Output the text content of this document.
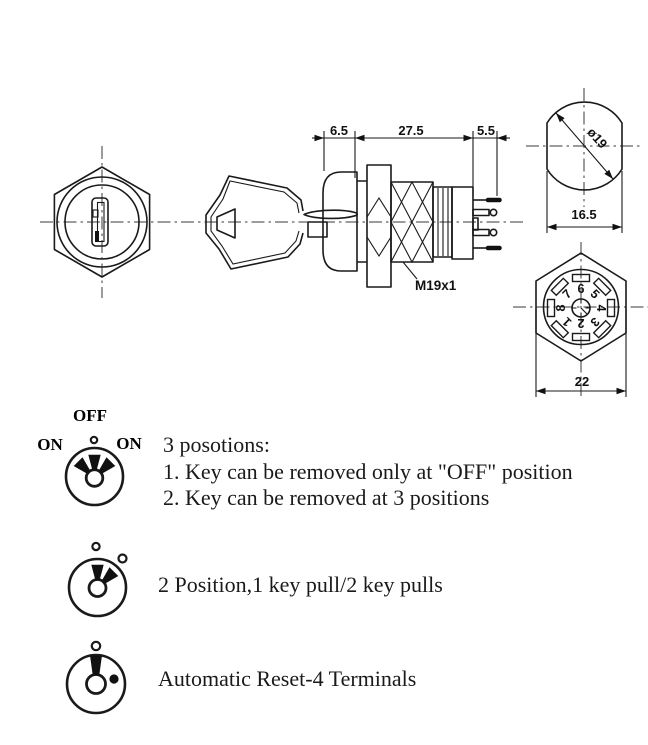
M19x1
6.5	27.5	5.5	ø19
16.5
6 5
4
3
2
1
8
7
22
OFF
ON	ON 3 posotions:
1. Key can be removed only at "OFF" position
2. Key can be removed at 3 positions
2 Position,1 key pull/2 key pulls
Automatic Reset-4 Terminals
